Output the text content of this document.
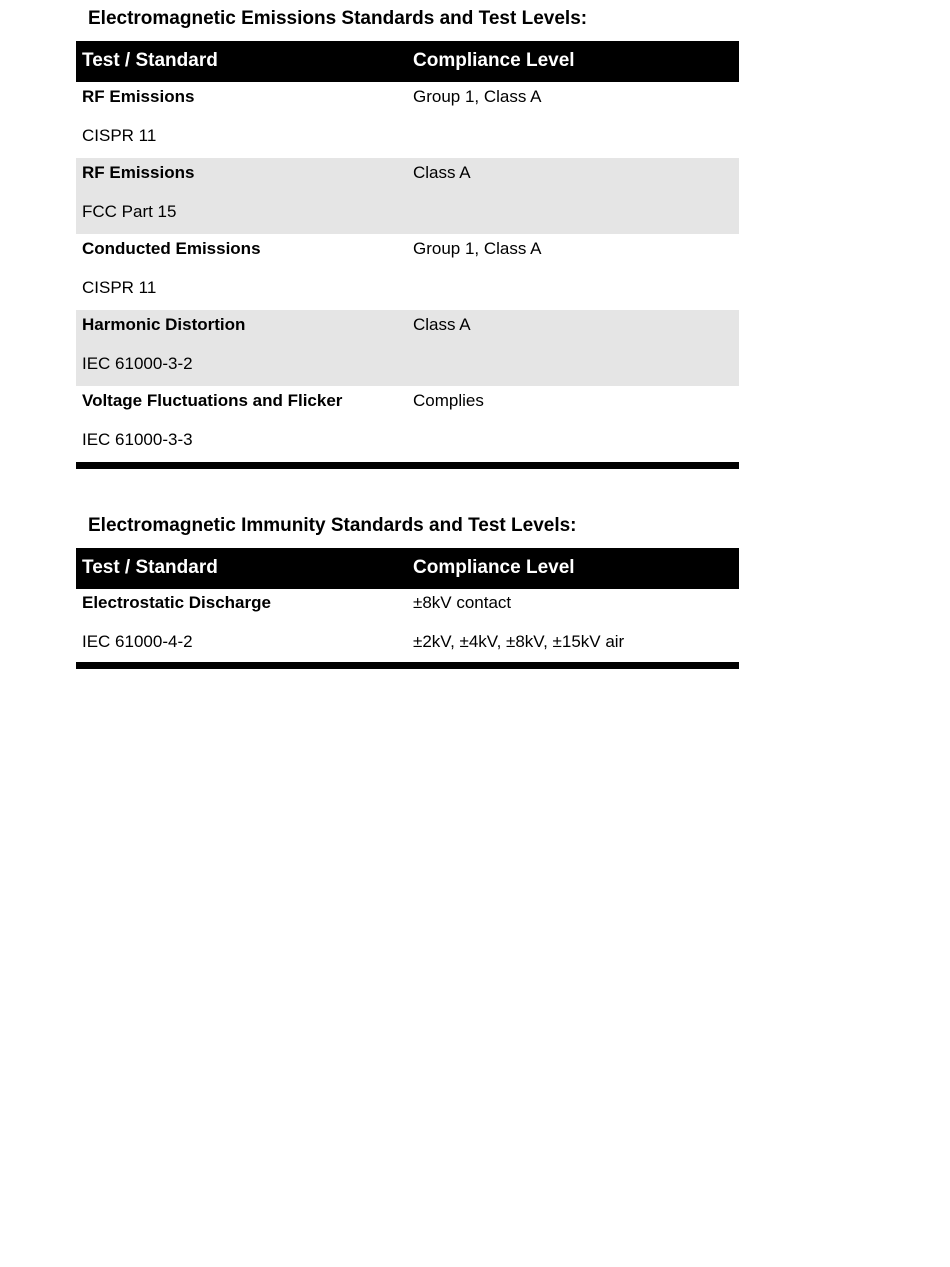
Electromagnetic Emissions Standards and Test Levels:
Test / Standard	Compliance Level
RF Emissions
CISPR 11
Group 1, Class A
RF Emissions
FCC Part 15
Class A
Conducted Emissions
CISPR 11
Group 1, Class A
Harmonic Distortion
IEC 61000-3-2
Class A
Voltage Fluctuations and Flicker
IEC 61000-3-3
Complies
Electromagnetic Immunity Standards and Test Levels:
Test / Standard	Compliance Level
Electrostatic Discharge
IEC 61000-4-2
±8kV contact
±2kV, ±4kV, ±8kV, ±15kV air
